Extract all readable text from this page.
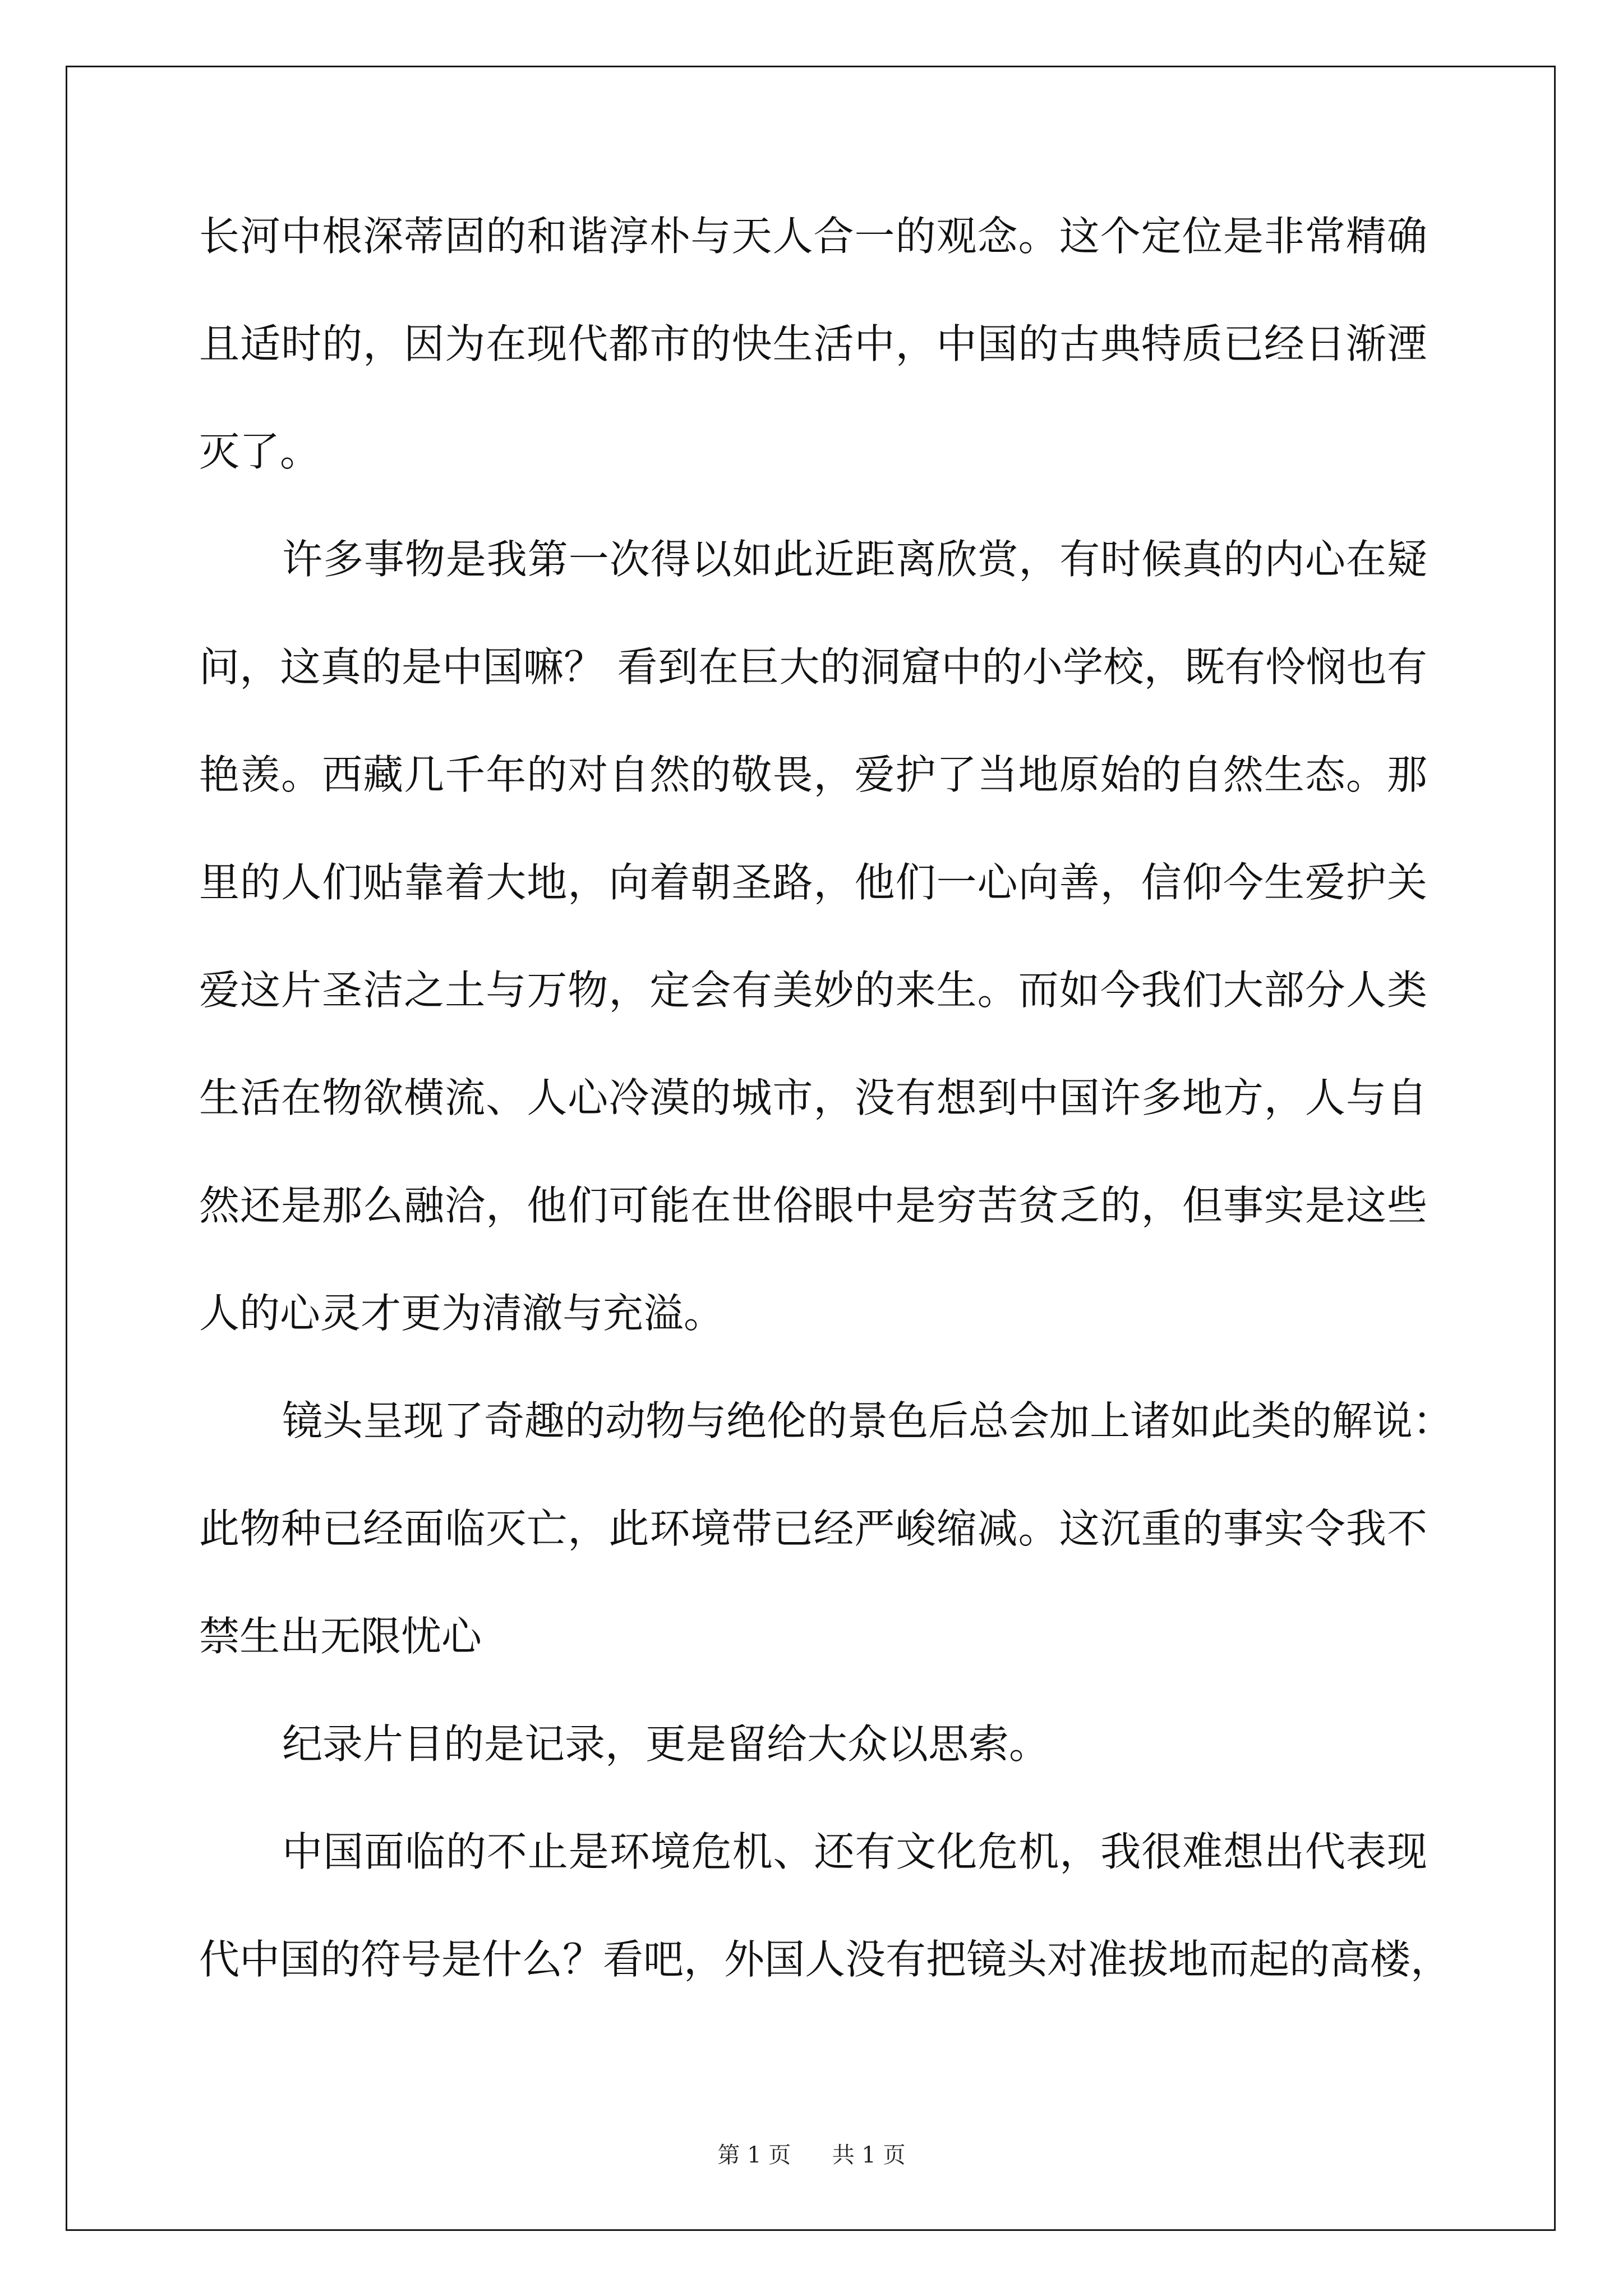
长河中根深蒂固的和谐淳朴与天人合一的观念。这个定位是非常精确
且适时的，因为在现代都市的快生活中，中国的古典特质已经日渐湮
灭了。
许多事物是我第一次得以如此近距离欣赏，有时候真的内心在疑
问，这真的是中国嘛？ 看到在巨大的洞窟中的小学校，既有怜悯也有
艳羡。西藏几千年的对自然的敬畏，爱护了当地原始的自然生态。那
里的人们贴靠着大地，向着朝圣路，他们一心向善，信仰今生爱护关
爱这片圣洁之土与万物，定会有美妙的来生。而如今我们大部分人类
生活在物欲横流、人心冷漠的城市，没有想到中国许多地方，人与自
然还是那么融洽，他们可能在世俗眼中是穷苦贫乏的，但事实是这些
人的心灵才更为清澈与充溢。
镜头呈现了奇趣的动物与绝伦的景色后总会加上诸如此类的解说：
此物种已经面临灭亡，此环境带已经严峻缩减。这沉重的事实令我不
禁生出无限忧心
纪录片目的是记录，更是留给大众以思索。
中国面临的不止是环境危机、还有文化危机，我很难想出代表现
代中国的符号是什么？看吧，外国人没有把镜头对准拔地而起的高楼，
第 1 页 共 1 页
